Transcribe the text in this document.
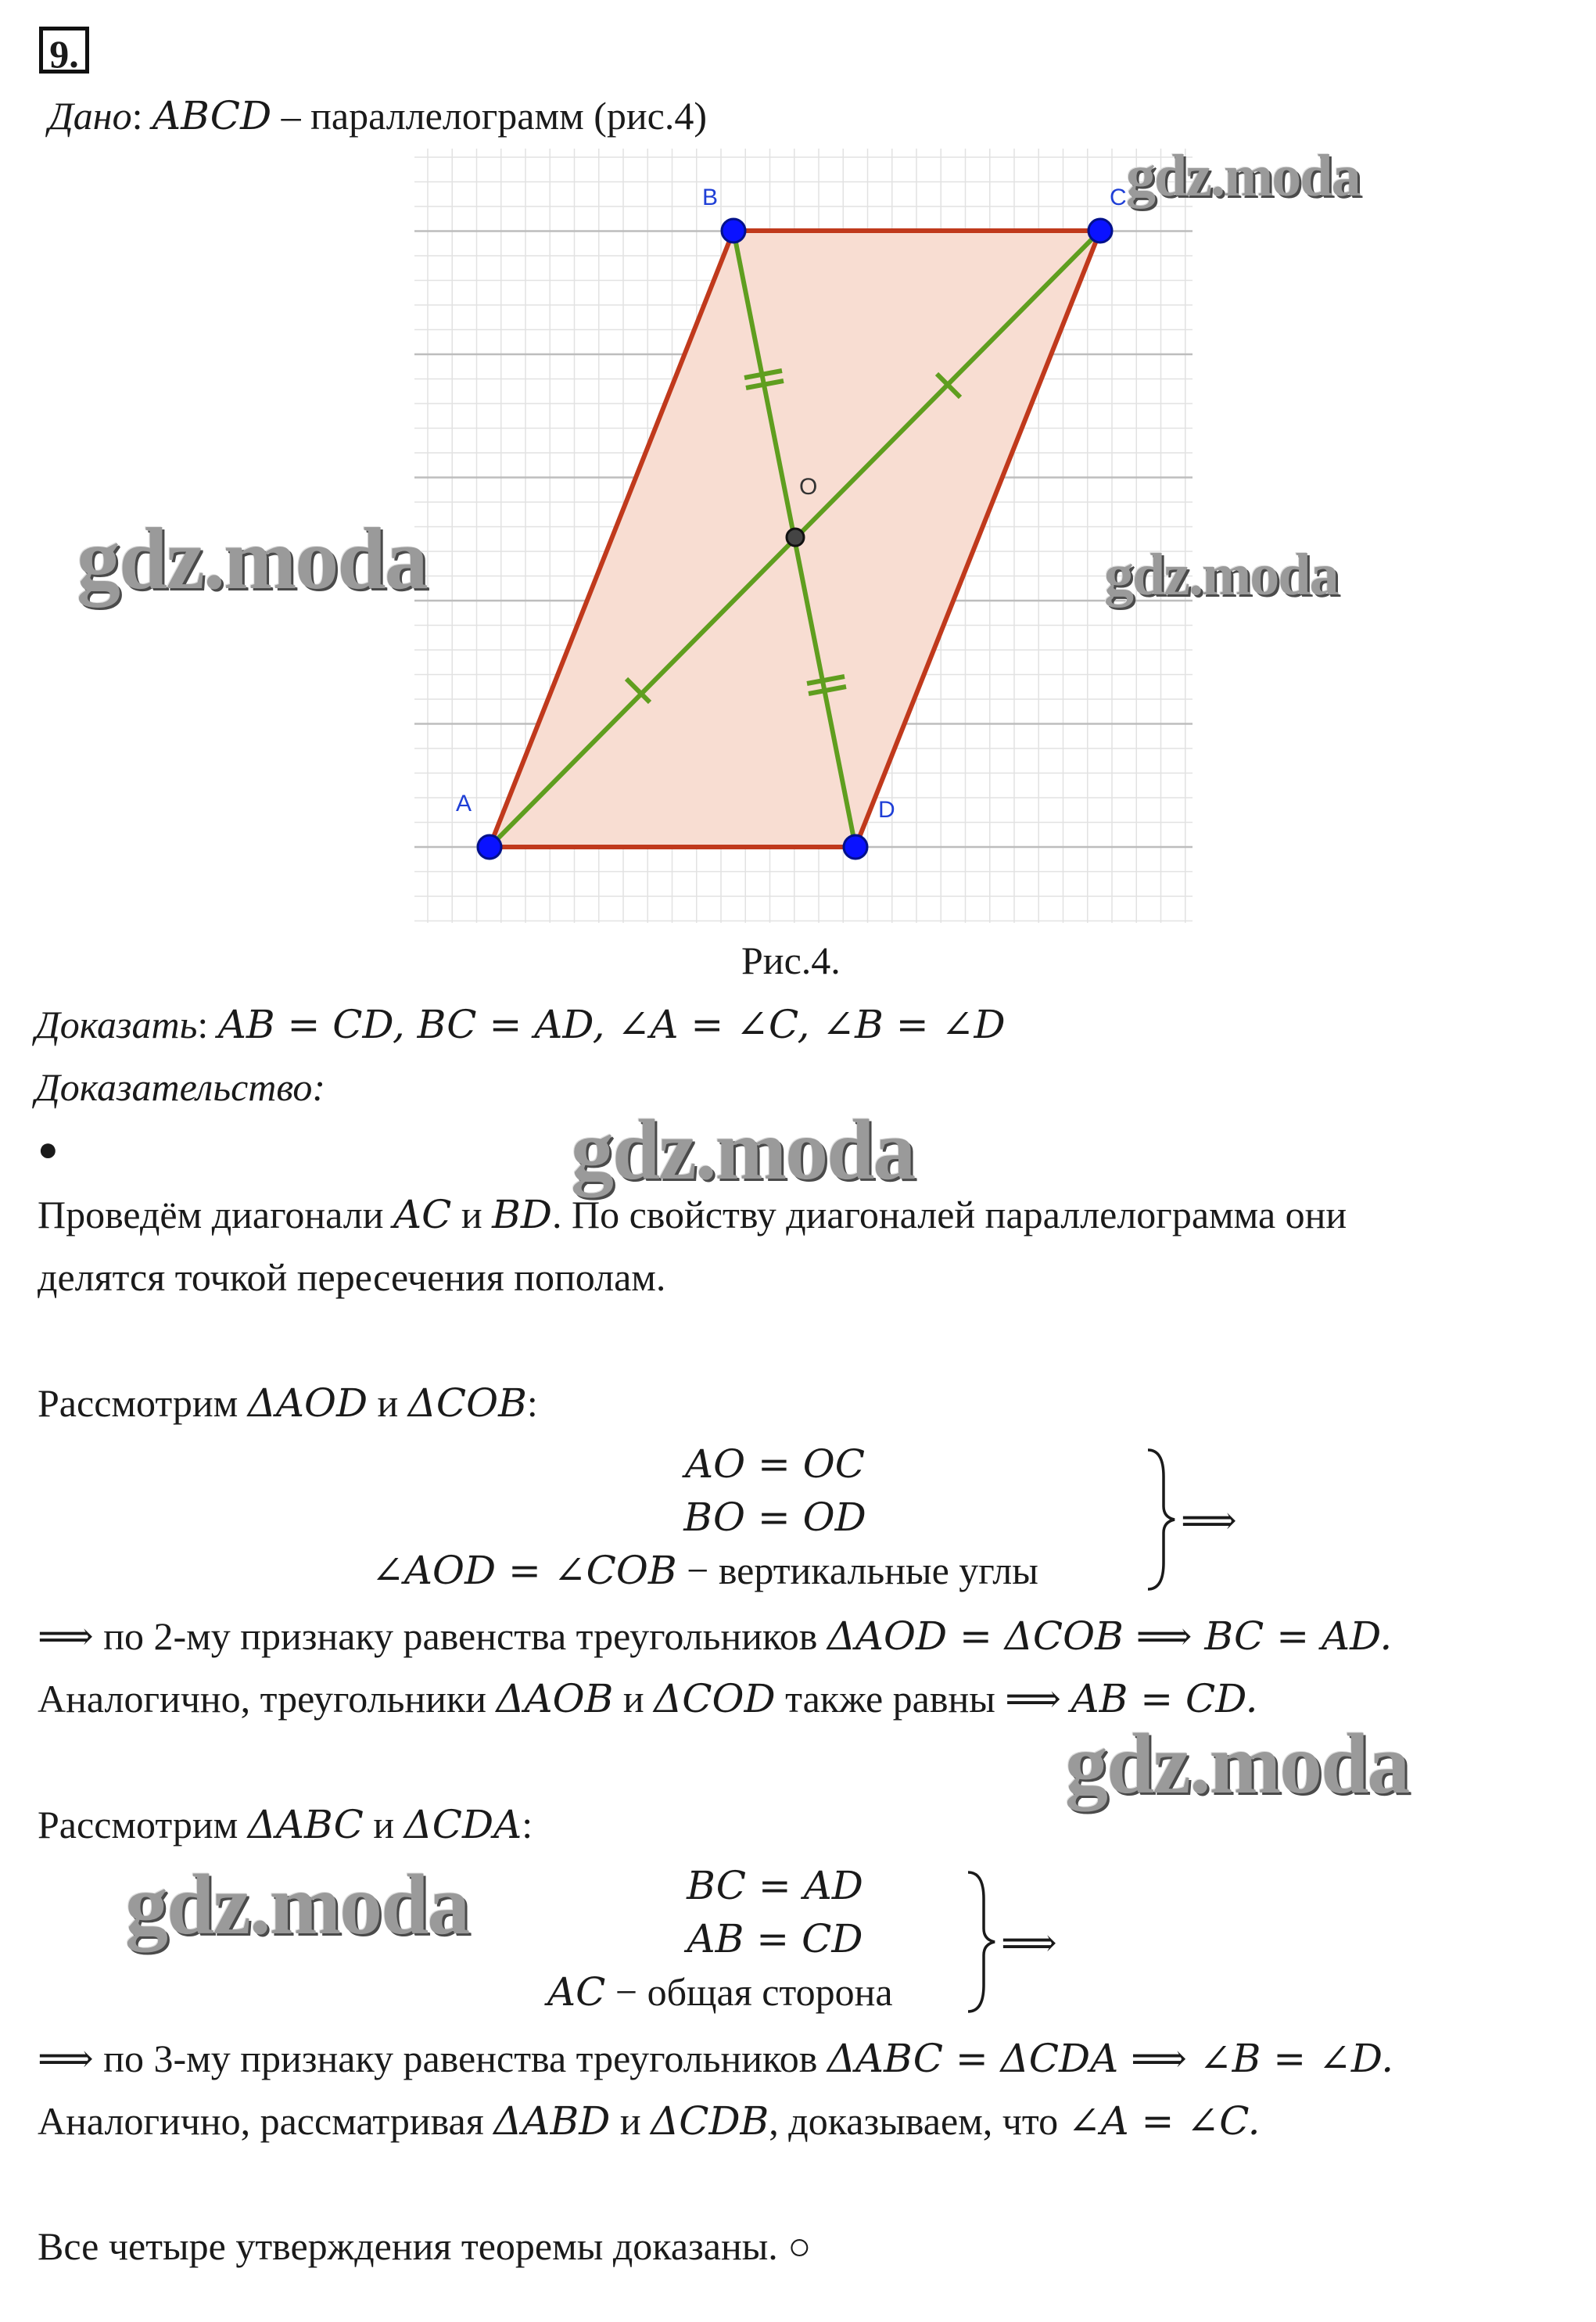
9.
Дано: ABCD – параллелограмм (рис.4)
A
B	C
D
O
Рис.4.
Доказать: AB = CD, BC = AD, ∠A = ∠C, ∠B = ∠D
Доказательство:
●
Проведём диагонали AC и BD. По свойству диагоналей параллелограмма они
делятся точкой пересечения пополам.
Рассмотрим ΔAOD и ΔCOB:
AO = OC
BO = OD
∠AOD = ∠COB − вертикальные углы
⟹
⟹ по 2-му признаку равенства треугольников ΔAOD = ΔCOB ⟹ BC = AD.
Аналогично, треугольники ΔAOB и ΔCOD также равны ⟹ AB = CD.
Рассмотрим ΔABC и ΔCDA:
BC = AD
AB = CD
AC − общая сторона
⟹
⟹ по 3-му признаку равенства треугольников ΔABC = ΔCDA ⟹ ∠B = ∠D.
Аналогично, рассматривая ΔABD и ΔCDB, доказываем, что ∠A = ∠C.
Все четыре утверждения теоремы доказаны. ○
gdz.moda
gdz.moda	gdz.moda
gdz.moda
gdz.moda
gdz.moda
